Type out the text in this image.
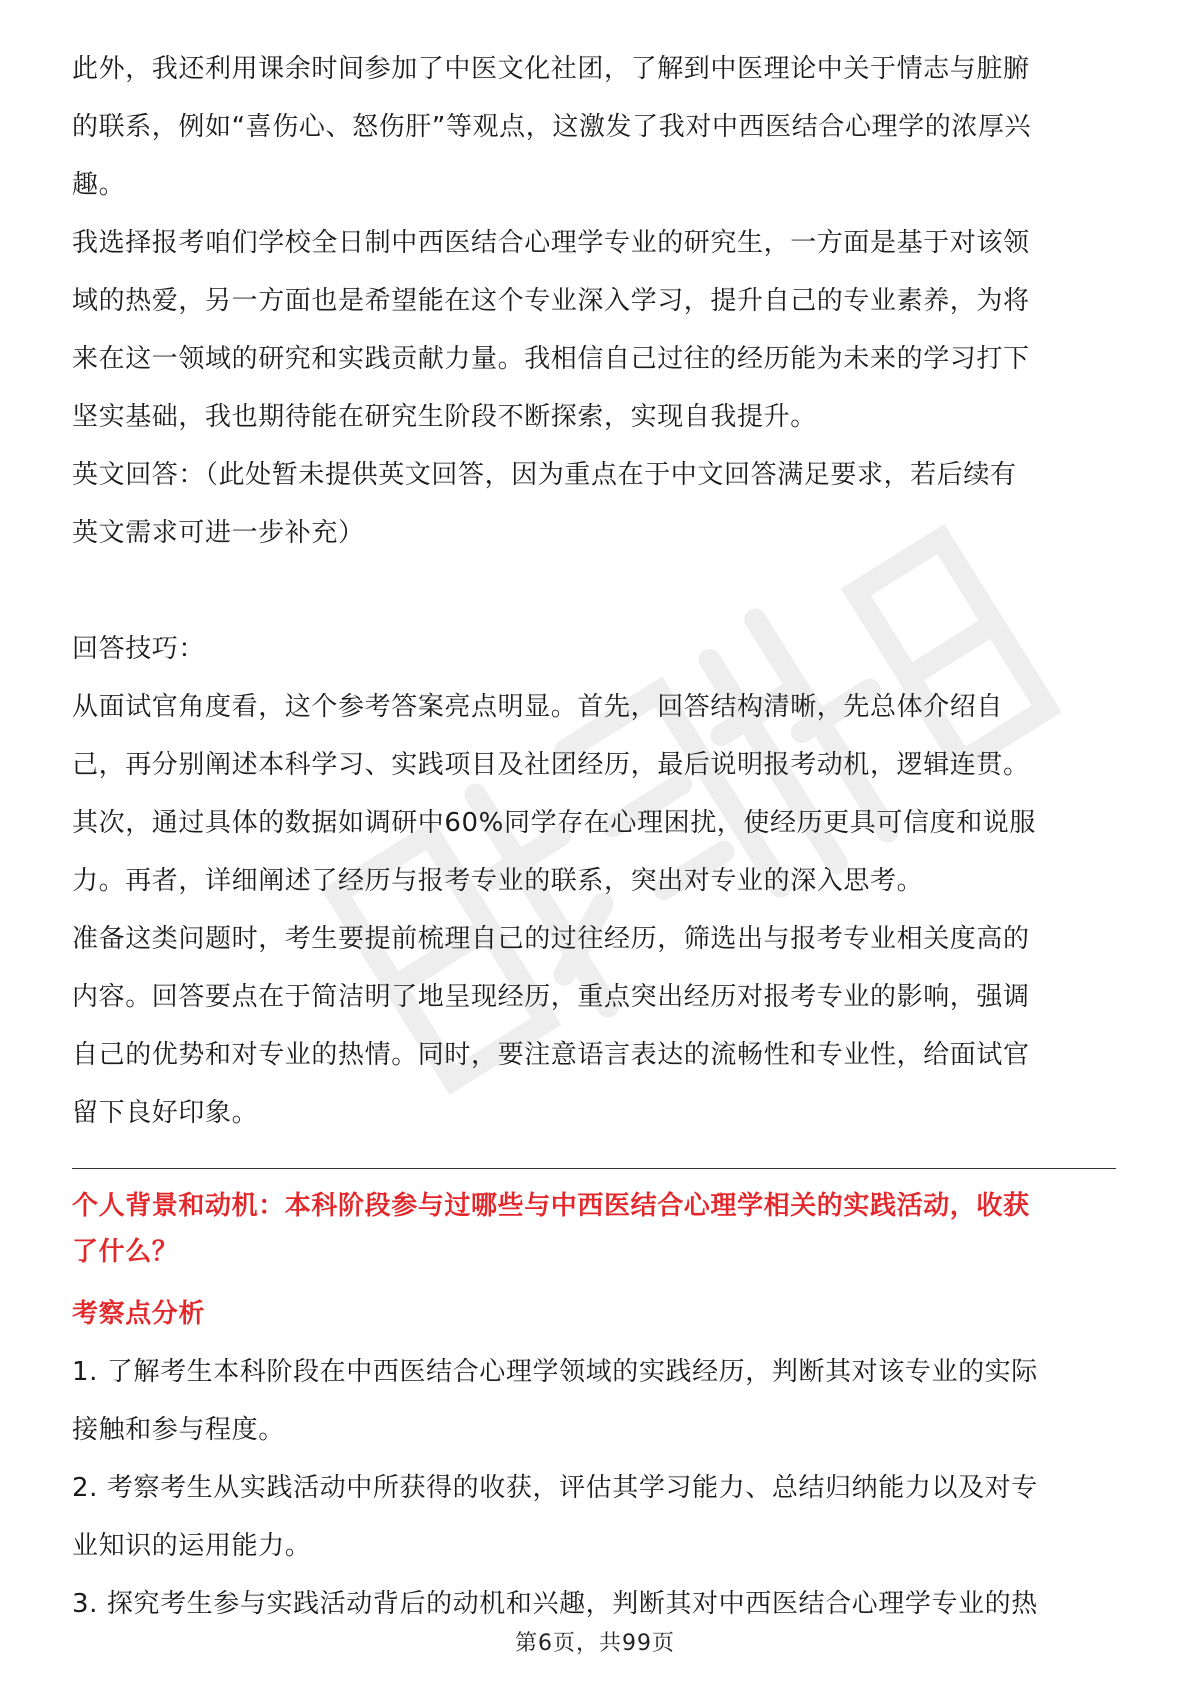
此外，我还利用课余时间参加了中医文化社团，了解到中医理论中关于情志与脏腑

的联系，例如“喜伤心、怒伤肝”等观点，这激发了我对中西医结合心理学的浓厚兴

趣。

我选择报考咱们学校全日制中西医结合心理学专业的研究生，一方面是基于对该领

域的热爱，另一方面也是希望能在这个专业深入学习，提升自己的专业素养，为将

来在这一领域的研究和实践贡献力量。我相信自己过往的经历能为未来的学习打下

坚实基础，我也期待能在研究生阶段不断探索，实现自我提升。

英文回答：（此处暂未提供英文回答，因为重点在于中文回答满足要求，若后续有

英文需求可进一步补充）

回答技巧：

从面试官角度看，这个参考答案亮点明显。首先，回答结构清晰，先总体介绍自

己，再分别阐述本科学习、实践项目及社团经历，最后说明报考动机，逻辑连贯。

其次，通过具体的数据如调研中60%同学存在心理困扰，使经历更具可信度和说服

力。再者，详细阐述了经历与报考专业的联系，突出对专业的深入思考。

准备这类问题时，考生要提前梳理自己的过往经历，筛选出与报考专业相关度高的

内容。回答要点在于简洁明了地呈现经历，重点突出经历对报考专业的影响，强调

自己的优势和对专业的热情。同时，要注意语言表达的流畅性和专业性，给面试官

留下良好印象。

个人背景和动机：本科阶段参与过哪些与中西医结合心理学相关的实践活动，收获

了什么？

考察点分析

1. 了解考生本科阶段在中西医结合心理学领域的实践经历，判断其对该专业的实际

接触和参与程度。

2. 考察考生从实践活动中所获得的收获，评估其学习能力、总结归纳能力以及对专

业知识的运用能力。

3. 探究考生参与实践活动背后的动机和兴趣，判断其对中西医结合心理学专业的热

第6页，共99页
